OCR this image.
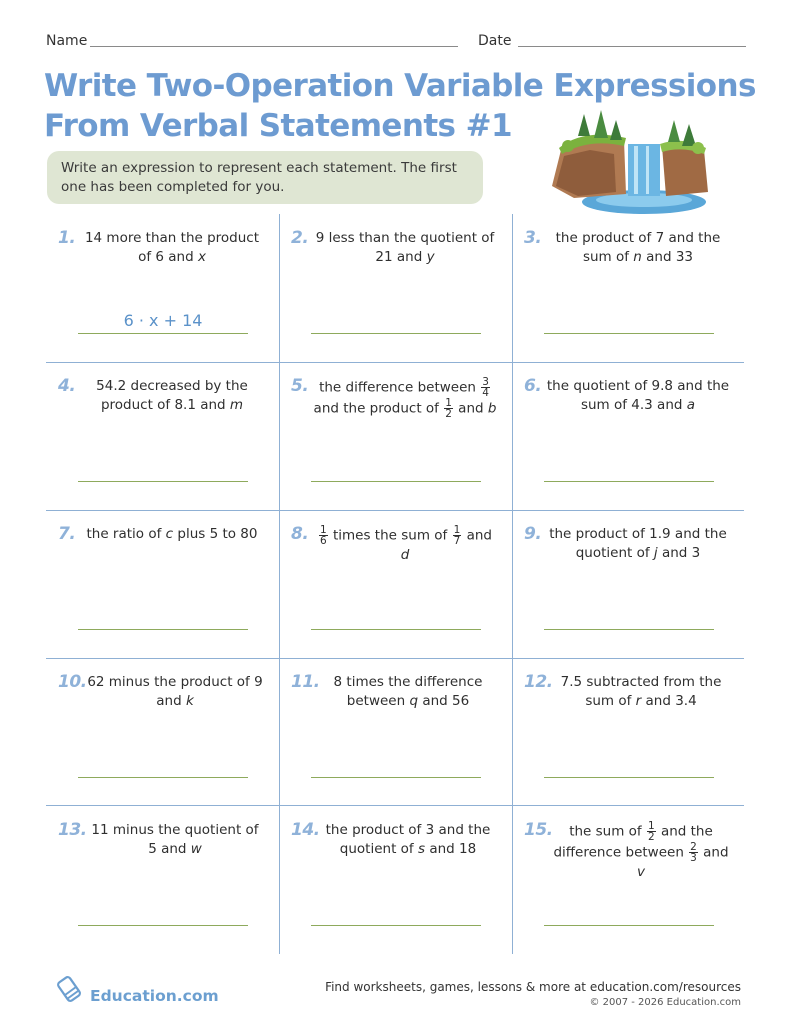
Name	Date
Write Two-Operation Variable Expressions
From Verbal Statements #1
Write an expression to represent each statement. The first one has been completed for you.
1. 14 more than the product of 6 and x
6 · x + 14
2. 9 less than the quotient of 21 and y
3.	the product of 7 and the sum of n and 33
4.	54.2 decreased by the product of 8.1 and m
5. the difference between $\frac{3}{4}$
and the product of $\frac{1}{2}$ and b
6. the quotient of 9.8 and the sum of 4.3 and a
7. the ratio of c plus 5 to 80	8. $\frac{1}{6}$ times the sum of $\frac{1}{7}$ and d
9. the product of 1.9 and the quotient of j and 3
10. 62 minus the product of 9 and k
11.	8 times the difference between q and 56
12. 7.5 subtracted from the sum of r and 3.4
13. 11 minus the quotient of 5 and w
14. the product of 3 and the quotient of s and 18
15.	the sum of $\frac{1}{2}$ and the difference between $\frac{2}{3}$ and v
Education.com	Find worksheets, games, lessons & more at education.com/resources
© 2007 - 2026 Education.com
